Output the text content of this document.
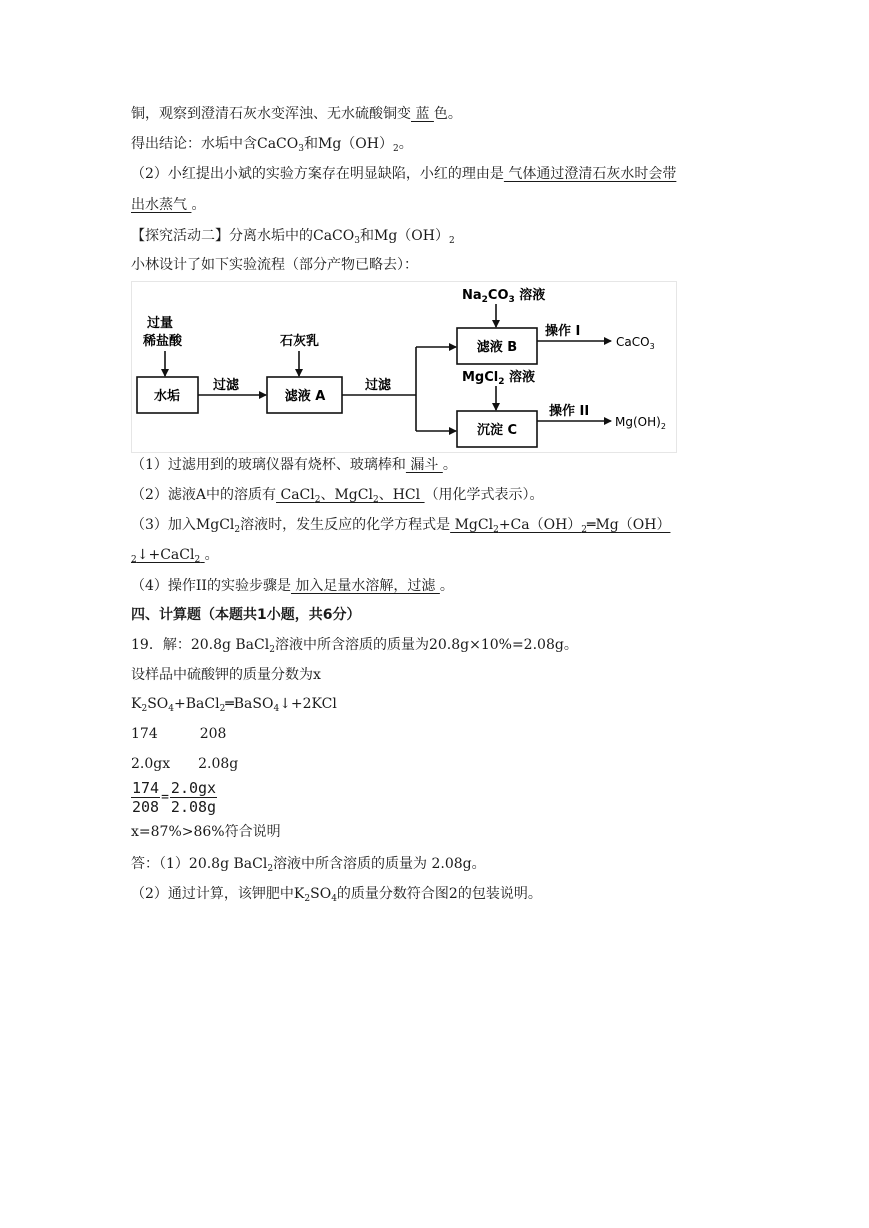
铜，观察到澄清石灰水变浑浊、无水硫酸铜变 蓝 色。
得出结论：水垢中含CaCO$_3$和$Mg(OH)_2$。
（2）小红提出小斌的实验方案存在明显缺陷，小红的理由是 气体通过澄清石灰水时会带
出水蒸气 。
【探究活动二】分离水垢中的CaCO$_3$和$Mg(OH)_2$
小林设计了如下实验流程（部分产物已略去）：
过量
稀盐酸
水垢
过滤
石灰乳
滤液 A
过滤
$Na_2CO_3$ 溶液
滤液 B
操作 I
CaCO$_3$
MgCl$_2$ 溶液
沉淀 C
操作 II
$Mg(OH)_2$
（1）过滤用到的玻璃仪器有烧杯、玻璃棒和 漏斗 。
（2）滤液A中的溶质有 CaCl$_2$、MgCl$_2$、HCl （用化学式表示）。
（3）加入MgCl$_2$溶液时，发生反应的化学方程式是 $MgCl_2+Ca(OH)_2═Mg(OH)$
$_2$↓+CaCl$_2$ 。
（4）操作II的实验步骤是 加入足量水溶解，过滤 。
四、计算题（本题共1小题，共6分）
19．解：20.8g BaCl$_2$溶液中所含溶质的质量为20.8g×10%=2.08g。
设样品中硫酸钾的质量分数为x
$K_2SO_4+BaCl_2═BaSO_4↓+2KCl$
174	208
2.0gx 2.08g
$\frac{174}{208} = \frac{2.0gx}{2.08g}$
x=87%>86%符合说明
答：（1）20.8g BaCl$_2$溶液中所含溶质的质量为 2.08g。
（2）通过计算，该钾肥中$K_2SO_4$的质量分数符合图2的包装说明。
